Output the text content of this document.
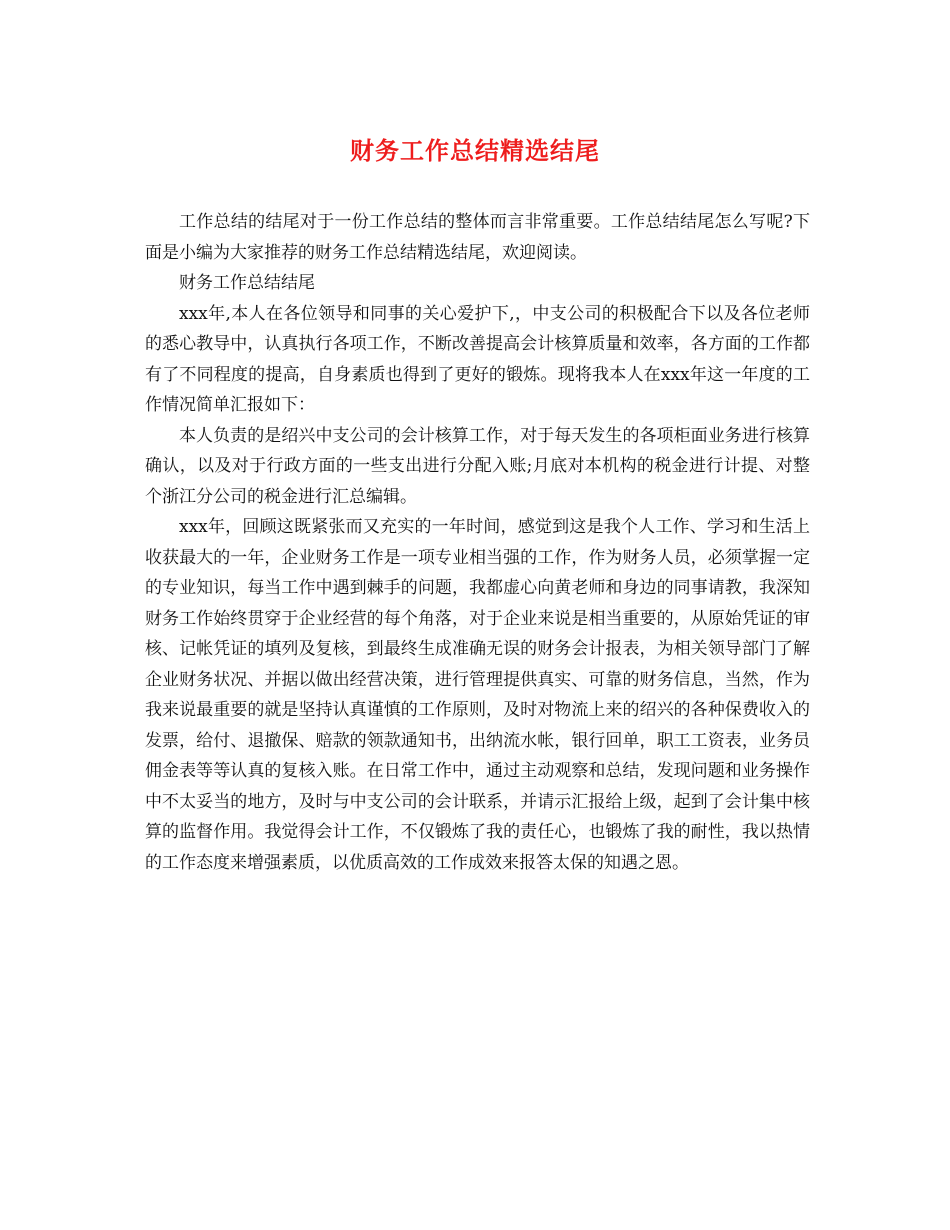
财务工作总结精选结尾

工作总结的结尾对于一份工作总结的整体而言非常重要。工作总结结尾怎么写呢?下面是小编为大家推荐的财务工作总结精选结尾，欢迎阅读。

财务工作总结结尾

xxx年,本人在各位领导和同事的关心爱护下,，中支公司的积极配合下以及各位老师的悉心教导中，认真执行各项工作，不断改善提高会计核算质量和效率，各方面的工作都有了不同程度的提高，自身素质也得到了更好的锻炼。现将我本人在xxx年这一年度的工作情况简单汇报如下：

本人负责的是绍兴中支公司的会计核算工作，对于每天发生的各项柜面业务进行核算确认，以及对于行政方面的一些支出进行分配入账;月底对本机构的税金进行计提、对整个浙江分公司的税金进行汇总编辑。

xxx年，回顾这既紧张而又充实的一年时间，感觉到这是我个人工作、学习和生活上收获最大的一年，企业财务工作是一项专业相当强的工作，作为财务人员，必须掌握一定的专业知识，每当工作中遇到棘手的问题，我都虚心向黄老师和身边的同事请教，我深知财务工作始终贯穿于企业经营的每个角落，对于企业来说是相当重要的，从原始凭证的审核、记帐凭证的填列及复核，到最终生成准确无误的财务会计报表，为相关领导部门了解企业财务状况、并据以做出经营决策，进行管理提供真实、可靠的财务信息，当然，作为我来说最重要的就是坚持认真谨慎的工作原则，及时对物流上来的绍兴的各种保费收入的发票，给付、退撤保、赔款的领款通知书，出纳流水帐，银行回单，职工工资表，业务员佣金表等等认真的复核入账。在日常工作中，通过主动观察和总结，发现问题和业务操作中不太妥当的地方，及时与中支公司的会计联系，并请示汇报给上级，起到了会计集中核算的监督作用。我觉得会计工作，不仅锻炼了我的责任心，也锻炼了我的耐性，我以热情的工作态度来增强素质，以优质高效的工作成效来报答太保的知遇之恩。
